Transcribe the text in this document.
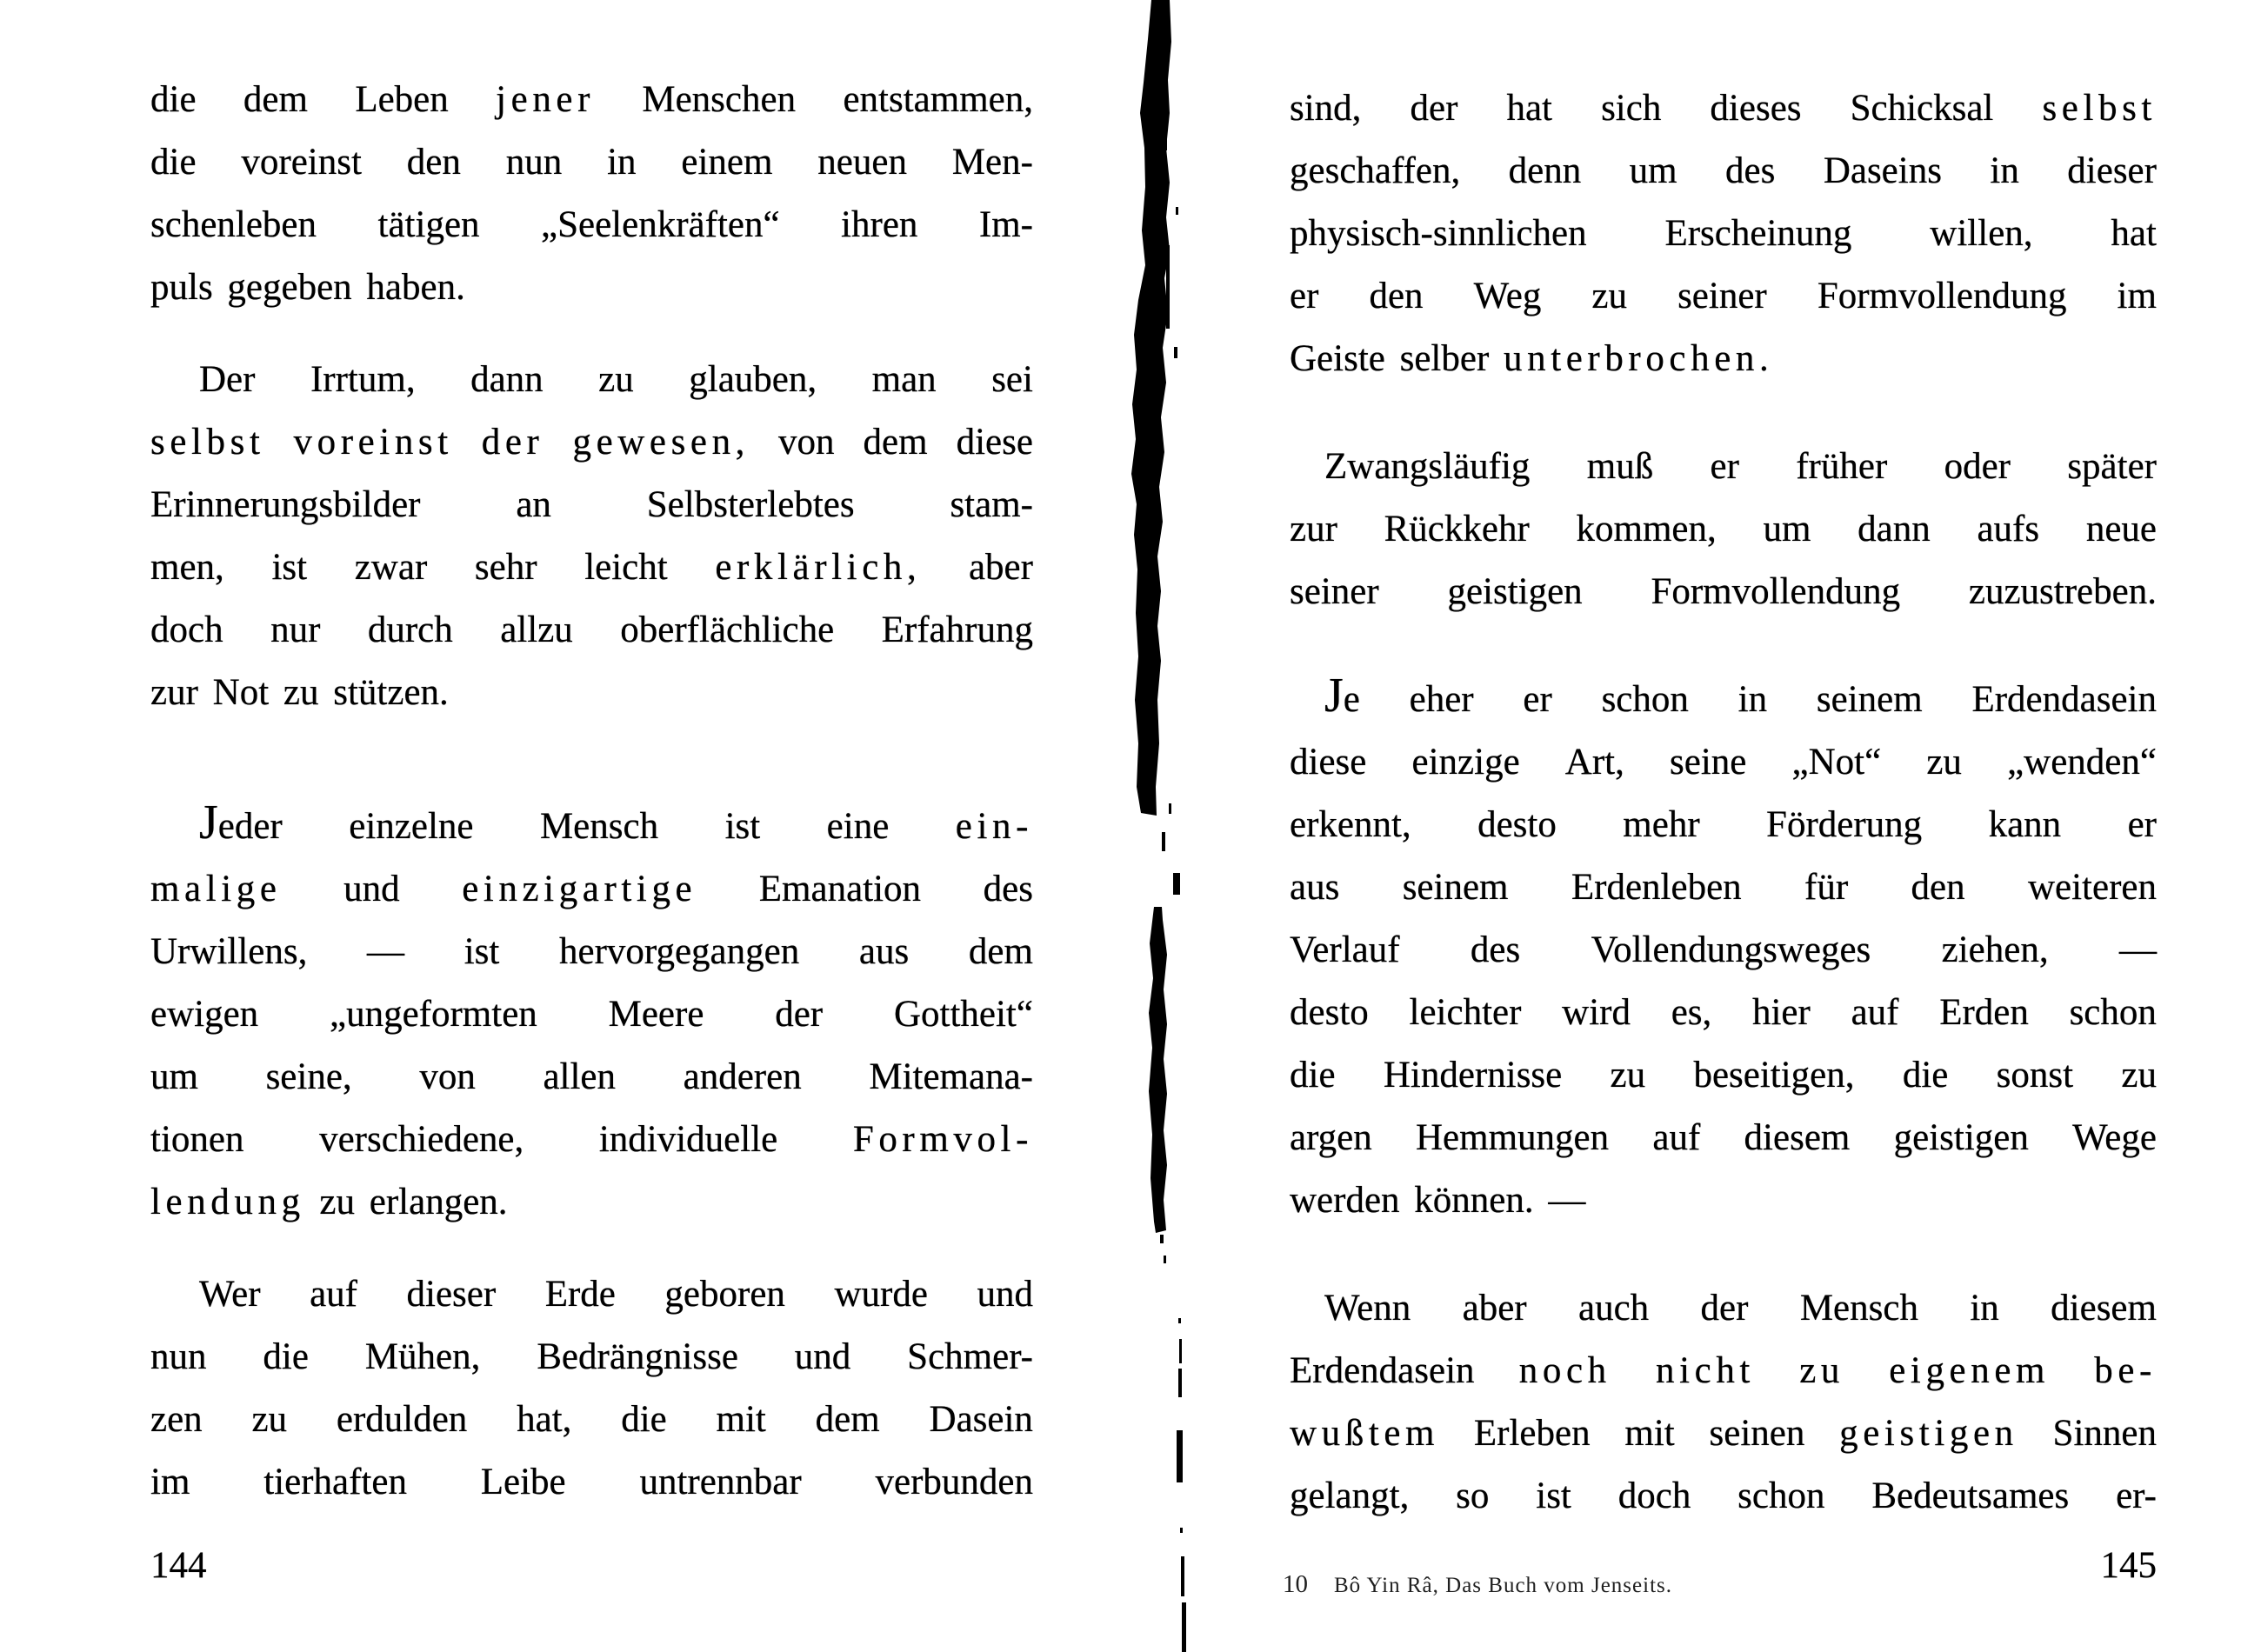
die dem Leben jener Menschen entstammen,
die voreinst den nun in einem neuen Men-
schenleben tätigen „Seelenkräften“ ihren Im-
puls gegeben haben.
Der Irrtum, dann zu glauben, man sei
selbst voreinst der gewesen, von dem diese
Erinnerungsbilder	an	Selbsterlebtes	stam-
men, ist zwar sehr leicht erklärlich, aber
doch nur durch allzu oberflächliche Erfahrung
zur Not zu stützen.
Jeder einzelne Mensch ist eine ein-
malige und einzigartige Emanation des
Urwillens, — ist hervorgegangen aus dem
ewigen „ungeformten Meere der Gottheit“
um seine, von allen anderen Mitemana-
tionen verschiedene, individuelle Formvol-
lendung zu erlangen.
Wer auf dieser Erde geboren wurde und
nun die Mühen, Bedrängnisse und Schmer-
zen zu erdulden hat, die mit dem Dasein
im tierhaften Leibe untrennbar verbunden
sind, der hat sich dieses Schicksal selbst
geschaffen, denn um des Daseins in dieser
physisch-sinnlichen Erscheinung willen, hat
er den Weg zu seiner Formvollendung im
Geiste selber unterbrochen.
Zwangsläufig muß er früher oder später
zur Rückkehr kommen, um dann aufs neue
seiner geistigen Formvollendung zuzustreben.
Je eher er schon in seinem Erdendasein
diese einzige Art, seine „Not“ zu „wenden“
erkennt, desto mehr Förderung kann er
aus seinem Erdenleben für den weiteren
Verlauf des Vollendungsweges ziehen, —
desto leichter wird es, hier auf Erden schon
die Hindernisse zu beseitigen, die sonst zu
argen Hemmungen auf diesem geistigen Wege
werden können. —
Wenn aber auch der Mensch in diesem
Erdendasein noch nicht zu eigenem be-
wußtem Erleben mit seinen geistigen Sinnen
gelangt, so ist doch schon Bedeutsames er-
144	145
10 Bô Yin Râ, Das Buch vom Jenseits.
